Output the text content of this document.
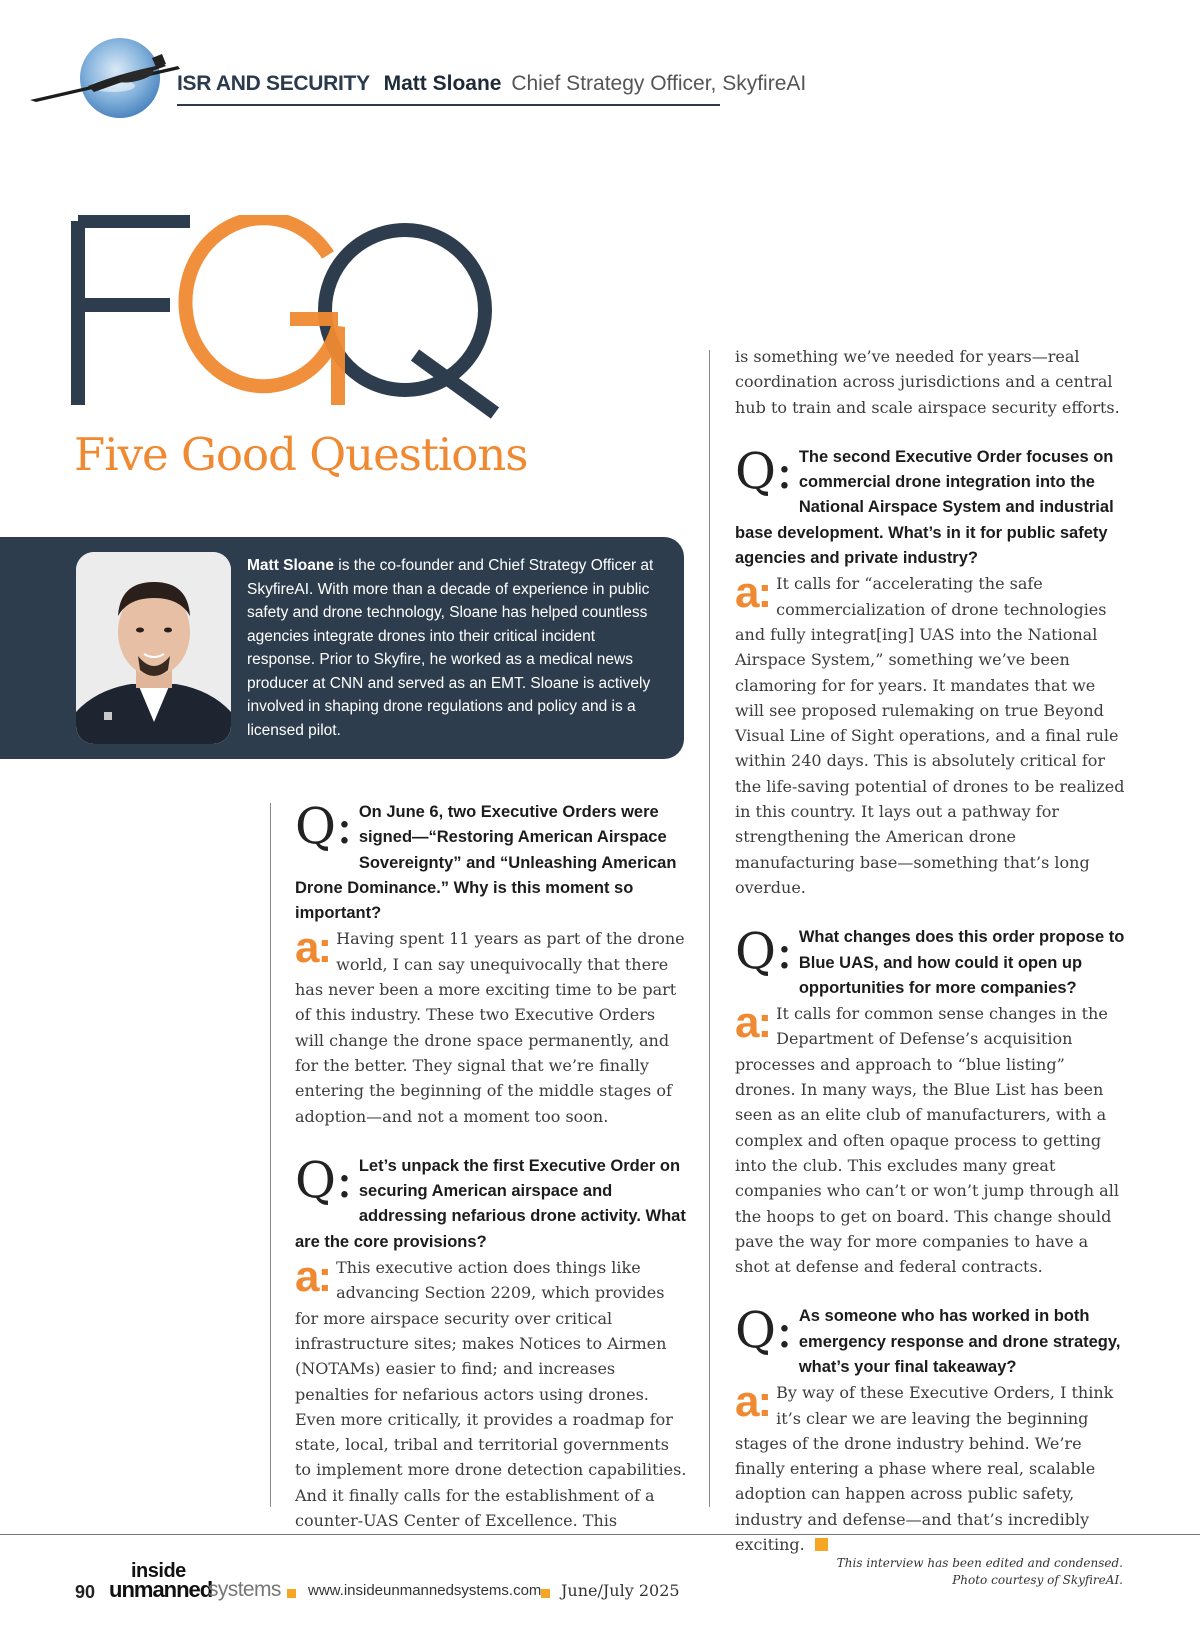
ISR AND SECURITY Matt Sloane Chief Strategy Officer, SkyfireAI
Five Good Questions
Matt Sloane is the co-founder and Chief Strategy Officer at SkyfireAI. With more than a decade of experience in public safety and drone technology, Sloane has helped countless agencies integrate drones into their critical incident response. Prior to Skyfire, he worked as a medical news producer at CNN and served as an EMT. Sloane is actively involved in shaping drone regulations and policy and is a licensed pilot.

Q: On June 6, two Executive Orders were signed—“Restoring American Airspace Sovereignty” and “Unleashing American Drone Dominance.” Why is this moment so important?

a: Having spent 11 years as part of the drone world, I can say unequivocally that there has never been a more exciting time to be part of this industry. These two Executive Orders will change the drone space permanently, and for the better. They signal that we’re finally entering the beginning of the middle stages of adoption—and not a moment too soon.

Q: Let’s unpack the first Executive Order on securing American airspace and addressing nefarious drone activity. What are the core provisions?

a: This executive action does things like advancing Section 2209, which provides for more airspace security over critical infrastructure sites; makes Notices to Airmen (NOTAMs) easier to find; and increases penalties for nefarious actors using drones. Even more critically, it provides a roadmap for state, local, tribal and territorial governments to implement more drone detection capabilities. And it finally calls for the establishment of a counter-UAS Center of Excellence. This

is something we’ve needed for years—real coordination across jurisdictions and a central hub to train and scale airspace security efforts.

Q: The second Executive Order focuses on commercial drone integration into the National Airspace System and industrial base development. What’s in it for public safety agencies and private industry?

a: It calls for “accelerating the safe commercialization of drone technologies and fully integrat[ing] UAS into the National Airspace System,” something we’ve been clamoring for for years. It mandates that we will see proposed rulemaking on true Beyond Visual Line of Sight operations, and a final rule within 240 days. This is absolutely critical for the life-saving potential of drones to be realized in this country. It lays out a pathway for strengthening the American drone manufacturing base—something that’s long overdue.

Q: What changes does this order propose to Blue UAS, and how could it open up opportunities for more companies?

a: It calls for common sense changes in the Department of Defense’s acquisition processes and approach to “blue listing” drones. In many ways, the Blue List has been seen as an elite club of manufacturers, with a complex and often opaque process to getting into the club. This excludes many great companies who can’t or won’t jump through all the hoops to get on board. This change should pave the way for more companies to have a shot at defense and federal contracts.

Q: As someone who has worked in both emergency response and drone strategy, what’s your final takeaway?

a: By way of these Executive Orders, I think it’s clear we are leaving the beginning stages of the drone industry behind. We’re finally entering a phase where real, scalable adoption can happen across public safety, industry and defense—and that’s incredibly exciting.

90
inside
unmanned
systems www.insideunmannedsystems.com June/July 2025
This interview has been edited and condensed.
Photo courtesy of SkyfireAI.
